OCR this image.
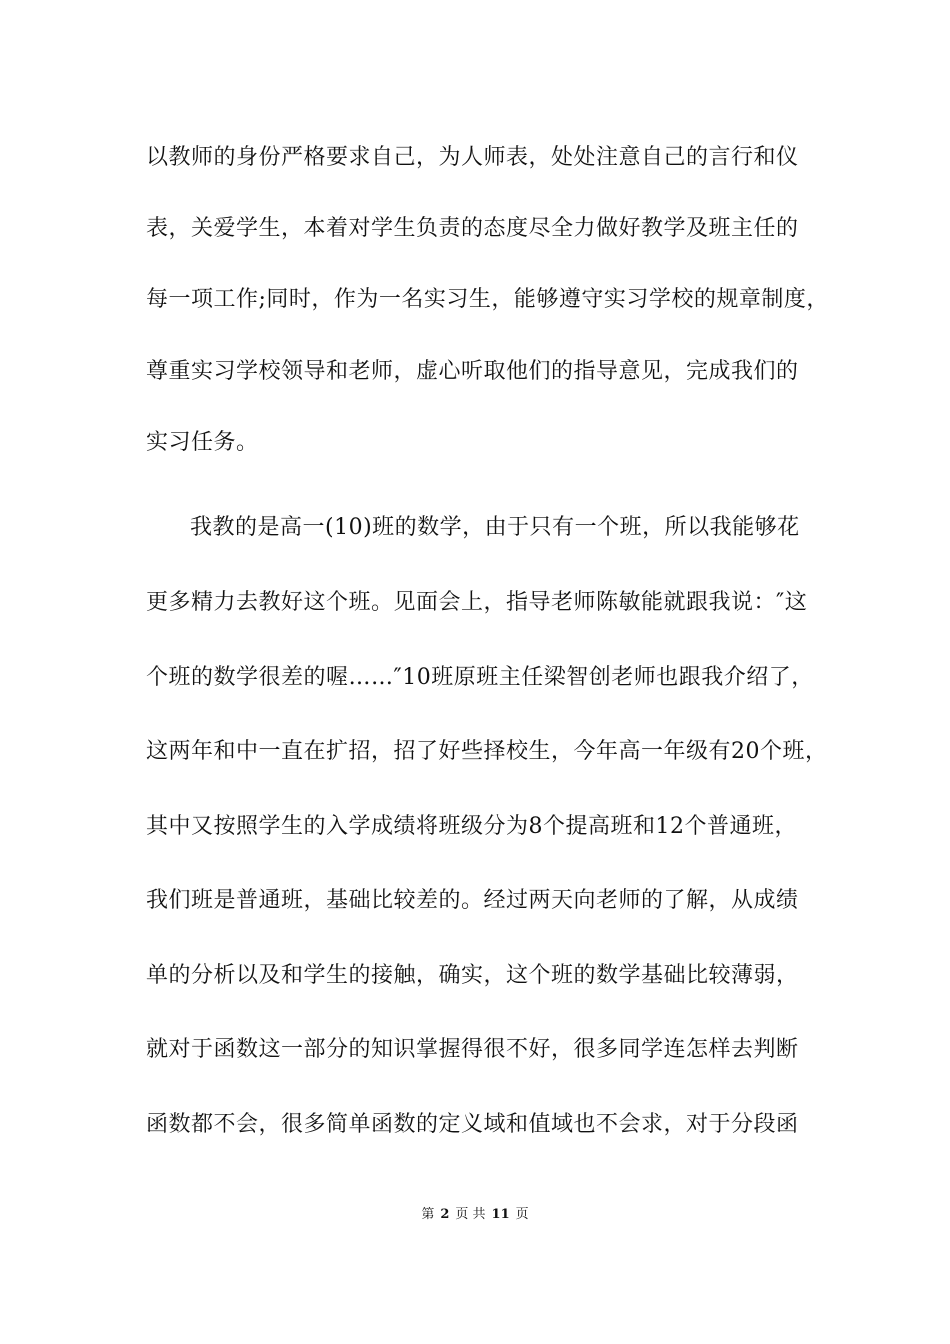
以教师的身份严格要求自己，为人师表，处处注意自己的言行和仪
表，关爱学生，本着对学生负责的态度尽全力做好教学及班主任的
每一项工作;同时，作为一名实习生，能够遵守实习学校的规章制度，
尊重实习学校领导和老师，虚心听取他们的指导意见，完成我们的
实习任务。
我教的是高一(10)班的数学，由于只有一个班，所以我能够花
更多精力去教好这个班。见面会上，指导老师陈敏能就跟我说：″这
个班的数学很差的喔……″10班原班主任梁智创老师也跟我介绍了，
这两年和中一直在扩招，招了好些择校生，今年高一年级有20个班，
其中又按照学生的入学成绩将班级分为8个提高班和12个普通班，
我们班是普通班，基础比较差的。经过两天向老师的了解，从成绩
单的分析以及和学生的接触，确实，这个班的数学基础比较薄弱，
就对于函数这一部分的知识掌握得很不好，很多同学连怎样去判断
函数都不会，很多简单函数的定义域和值域也不会求，对于分段函
第 2 页 共 11 页
